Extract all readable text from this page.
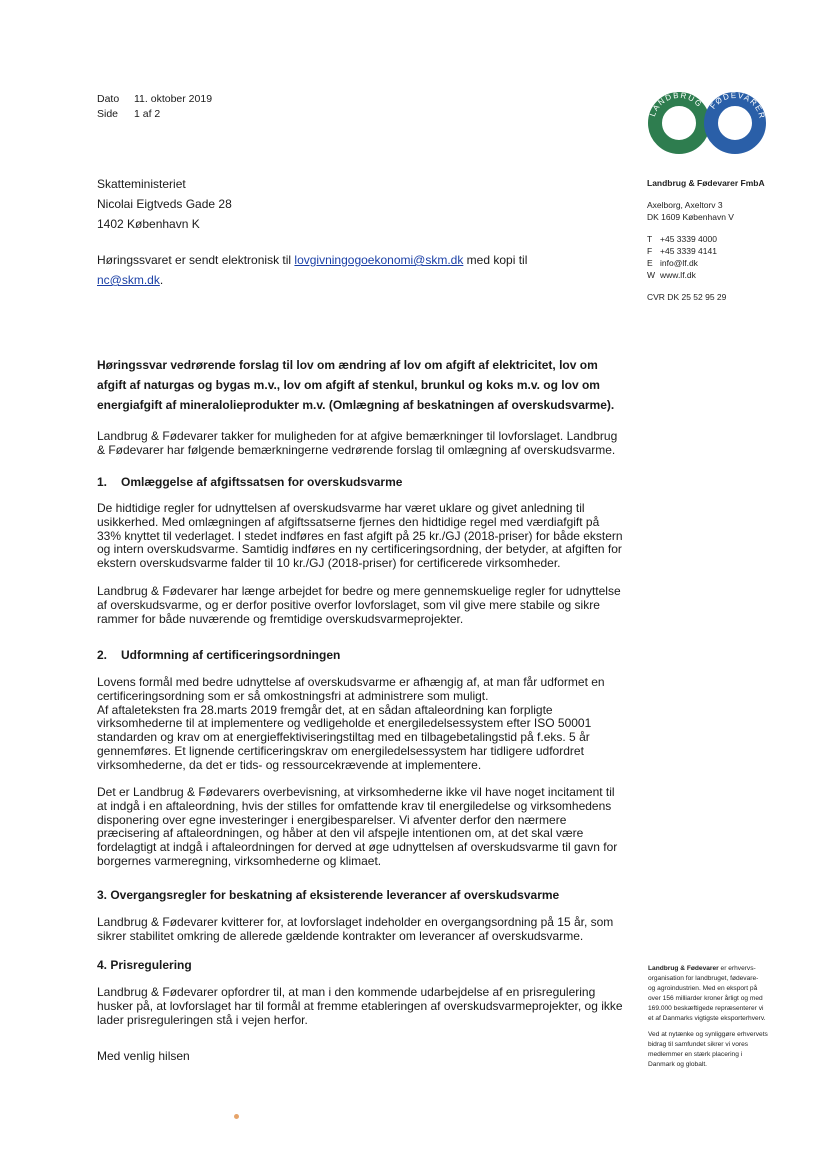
Dato 11. oktober 2019
Side 1 af 2	LANDBRUG FØDEVARER
Skatteministeriet
Nicolai Eigtveds Gade 28
1402 København K
Høringssvaret er sendt elektronisk til lovgivningogoekonomi@skm.dk med kopi til
nc@skm.dk.
Landbrug & Fødevarer FmbA
Axelborg, Axeltorv 3
DK 1609 København V
T +45 3339 4000
F +45 3339 4141
E info@lf.dk
W www.lf.dk
CVR DK 25 52 95 29
Høringssvar vedrørende forslag til lov om ændring af lov om afgift af elektricitet, lov om
afgift af naturgas og bygas m.v., lov om afgift af stenkul, brunkul og koks m.v. og lov om
energiafgift af mineralolieprodukter m.v. (Omlægning af beskatningen af overskudsvarme).

Landbrug & Fødevarer takker for muligheden for at afgive bemærkninger til lovforslaget. Landbrug

& Fødevarer har følgende bemærkningerne vedrørende forslag til omlægning af overskudsvarme.

1. Omlæggelse af afgiftssatsen for overskudsvarme

De hidtidige regler for udnyttelsen af overskudsvarme har været uklare og givet anledning til

usikkerhed. Med omlægningen af afgiftssatserne fjernes den hidtidige regel med værdiafgift på

33% knyttet til vederlaget. I stedet indføres en fast afgift på 25 kr./GJ (2018-priser) for både ekstern

og intern overskudsvarme. Samtidig indføres en ny certificeringsordning, der betyder, at afgiften for

ekstern overskudsvarme falder til 10 kr./GJ (2018-priser) for certificerede virksomheder.

Landbrug & Fødevarer har længe arbejdet for bedre og mere gennemskuelige regler for udnyttelse

af overskudsvarme, og er derfor positive overfor lovforslaget, som vil give mere stabile og sikre

rammer for både nuværende og fremtidige overskudsvarmeprojekter.

2. Udformning af certificeringsordningen

Lovens formål med bedre udnyttelse af overskudsvarme er afhængig af, at man får udformet en

certificeringsordning som er så omkostningsfri at administrere som muligt.

Af aftaleteksten fra 28.marts 2019 fremgår det, at en sådan aftaleordning kan forpligte

virksomhederne til at implementere og vedligeholde et energiledelsessystem efter ISO 50001

standarden og krav om at energieffektiviseringstiltag med en tilbagebetalingstid på f.eks. 5 år

gennemføres. Et lignende certificeringskrav om energiledelsessystem har tidligere udfordret

virksomhederne, da det er tids- og ressourcekrævende at implementere.

Det er Landbrug & Fødevarers overbevisning, at virksomhederne ikke vil have noget incitament til

at indgå i en aftaleordning, hvis der stilles for omfattende krav til energiledelse og virksomhedens

disponering over egne investeringer i energibesparelser. Vi afventer derfor den nærmere

præcisering af aftaleordningen, og håber at den vil afspejle intentionen om, at det skal være

fordelagtigt at indgå i aftaleordningen for derved at øge udnyttelsen af overskudsvarme til gavn for

borgernes varmeregning, virksomhederne og klimaet.

3. Overgangsregler for beskatning af eksisterende leverancer af overskudsvarme

Landbrug & Fødevarer kvitterer for, at lovforslaget indeholder en overgangsordning på 15 år, som

sikrer stabilitet omkring de allerede gældende kontrakter om leverancer af overskudsvarme.

4. Prisregulering

Landbrug & Fødevarer opfordrer til, at man i den kommende udarbejdelse af en prisregulering

husker på, at lovforslaget har til formål at fremme etableringen af overskudsvarmeprojekter, og ikke

lader prisreguleringen stå i vejen herfor.

Med venlig hilsen
Landbrug & Fødevarer er erhvervs-
organisation for landbruget, fødevare-
og agroindustrien. Med en eksport på
over 156 milliarder kroner årligt og med
169.000 beskæftigede repræsenterer vi
et af Danmarks vigtigste eksporterhverv.
Ved at nytænke og synliggøre erhvervets
bidrag til samfundet sikrer vi vores
medlemmer en stærk placering i
Danmark og globalt.
